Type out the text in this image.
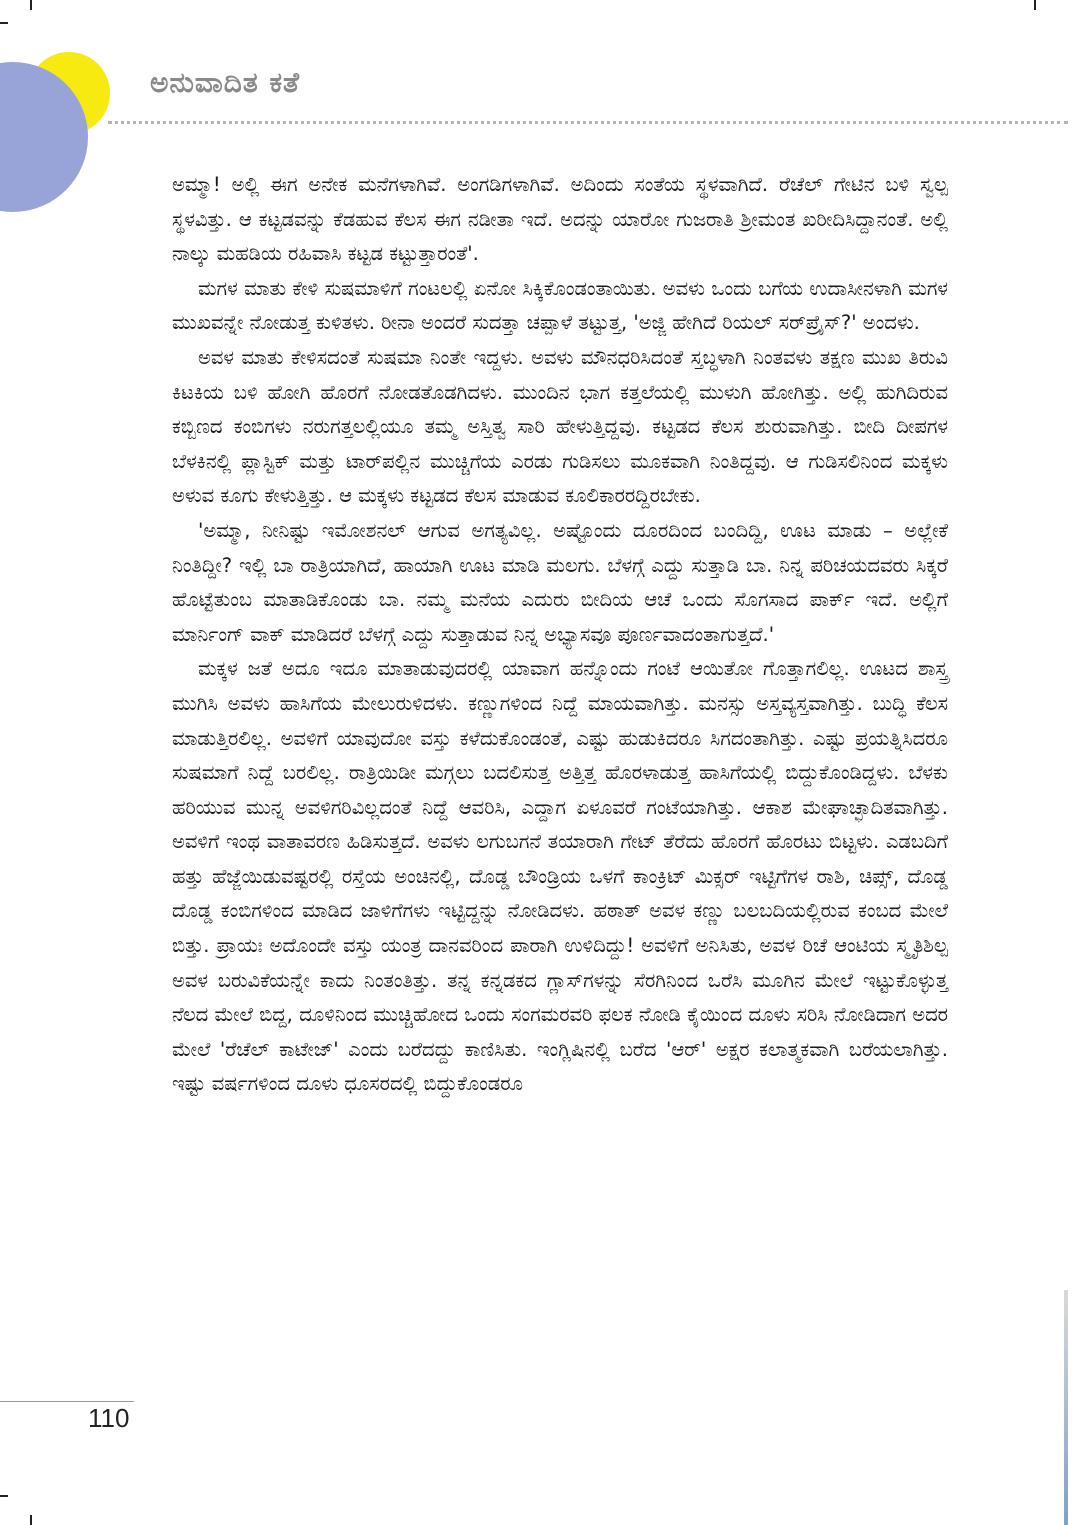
ಅನುವಾದಿತ ಕತೆ

ಅಮ್ಮಾ! ಅಲ್ಲಿ ಈಗ ಅನೇಕ ಮನೆಗಳಾಗಿವೆ. ಅಂಗಡಿಗಳಾಗಿವೆ. ಅದಿಂದು ಸಂತೆಯ ಸ್ಥಳವಾಗಿದೆ. ರೆಚೆಲ್ ಗೇಟಿನ ಬಳಿ ಸ್ವಲ್ಪ ಸ್ಥಳವಿತ್ತು. ಆ ಕಟ್ಟಡವನ್ನು ಕೆಡಹುವ ಕೆಲಸ ಈಗ ನಡೀತಾ ಇದೆ. ಅದನ್ನು ಯಾರೋ ಗುಜರಾತಿ ಶ್ರೀಮಂತ ಖರೀದಿಸಿದ್ದಾನಂತೆ. ಅಲ್ಲಿ ನಾಲ್ಕು ಮಹಡಿಯ ರಹಿವಾಸಿ ಕಟ್ಟಡ ಕಟ್ಟುತ್ತಾರಂತೆ'.

ಮಗಳ ಮಾತು ಕೇಳಿ ಸುಷಮಾಳಿಗೆ ಗಂಟಲಲ್ಲಿ ಏನೋ ಸಿಕ್ಕಿಕೊಂಡಂತಾಯಿತು. ಅವಳು ಒಂದು ಬಗೆಯ ಉದಾಸೀನಳಾಗಿ ಮಗಳ ಮುಖವನ್ನೇ ನೋಡುತ್ತ ಕುಳಿತಳು. ರೀನಾ ಅಂದರೆ ಸುದತ್ತಾ ಚಪ್ಪಾಳೆ ತಟ್ಟುತ್ತ, 'ಅಜ್ಜಿ ಹೇಗಿದೆ ರಿಯಲ್ ಸರ್‌ಪ್ರೈಸ್?' ಅಂದಳು.

ಅವಳ ಮಾತು ಕೇಳಿಸದಂತೆ ಸುಷಮಾ ನಿಂತೇ ಇದ್ದಳು. ಅವಳು ಮೌನಧರಿಸಿದಂತೆ ಸ್ತಬ್ಧಳಾಗಿ ನಿಂತವಳು ತಕ್ಷಣ ಮುಖ ತಿರುವಿ ಕಿಟಕಿಯ ಬಳಿ ಹೋಗಿ ಹೊರಗೆ ನೋಡತೊಡಗಿದಳು. ಮುಂದಿನ ಭಾಗ ಕತ್ತಲೆಯಲ್ಲಿ ಮುಳುಗಿ ಹೋಗಿತ್ತು. ಅಲ್ಲಿ ಹುಗಿದಿರುವ ಕಬ್ಬಿಣದ ಕಂಬಿಗಳು ನರುಗತ್ತಲಲ್ಲಿಯೂ ತಮ್ಮ ಅಸ್ತಿತ್ವ ಸಾರಿ ಹೇಳುತ್ತಿದ್ದವು. ಕಟ್ಟಡದ ಕೆಲಸ ಶುರುವಾಗಿತ್ತು. ಬೀದಿ ದೀಪಗಳ ಬೆಳಕಿನಲ್ಲಿ ಪ್ಲಾಸ್ಟಿಕ್ ಮತ್ತು ಟಾರ್‌ಪಲ್ಲಿನ ಮುಚ್ಚಿಗೆಯ ಎರಡು ಗುಡಿಸಲು ಮೂಕವಾಗಿ ನಿಂತಿದ್ದವು. ಆ ಗುಡಿಸಲಿನಿಂದ ಮಕ್ಕಳು ಅಳುವ ಕೂಗು ಕೇಳುತ್ತಿತ್ತು. ಆ ಮಕ್ಕಳು ಕಟ್ಟಡದ ಕೆಲಸ ಮಾಡುವ ಕೂಲಿಕಾರರದ್ದಿರಬೇಕು.

'ಅಮ್ಮಾ, ನೀನಿಷ್ಟು ಇಮೋಶನಲ್ ಆಗುವ ಅಗತ್ಯವಿಲ್ಲ. ಅಷ್ಟೊಂದು ದೂರದಿಂದ ಬಂದಿದ್ದಿ, ಊಟ ಮಾಡು – ಅಲ್ಲೇಕೆ ನಿಂತಿದ್ದೀ? ಇಲ್ಲಿ ಬಾ ರಾತ್ರಿಯಾಗಿದೆ, ಹಾಯಾಗಿ ಊಟ ಮಾಡಿ ಮಲಗು. ಬೆಳಗ್ಗೆ ಎದ್ದು ಸುತ್ತಾಡಿ ಬಾ. ನಿನ್ನ ಪರಿಚಯದವರು ಸಿಕ್ಕರೆ ಹೊಟ್ಟೆತುಂಬ ಮಾತಾಡಿಕೊಂಡು ಬಾ. ನಮ್ಮ ಮನೆಯ ಎದುರು ಬೀದಿಯ ಆಚೆ ಒಂದು ಸೊಗಸಾದ ಪಾರ್ಕ್ ಇದೆ. ಅಲ್ಲಿಗೆ ಮಾರ್ನಿಂಗ್ ವಾಕ್ ಮಾಡಿದರೆ ಬೆಳಗ್ಗೆ ಎದ್ದು ಸುತ್ತಾಡುವ ನಿನ್ನ ಅಭ್ಯಾಸವೂ ಪೂರ್ಣವಾದಂತಾಗುತ್ತದೆ.'

ಮಕ್ಕಳ ಜತೆ ಅದೂ ಇದೂ ಮಾತಾಡುವುದರಲ್ಲಿ ಯಾವಾಗ ಹನ್ನೊಂದು ಗಂಟೆ ಆಯಿತೋ ಗೊತ್ತಾಗಲಿಲ್ಲ. ಊಟದ ಶಾಸ್ತ್ರ ಮುಗಿಸಿ ಅವಳು ಹಾಸಿಗೆಯ ಮೇಲುರುಳಿದಳು. ಕಣ್ಣುಗಳಿಂದ ನಿದ್ದೆ ಮಾಯವಾಗಿತ್ತು. ಮನಸ್ಸು ಅಸ್ತವ್ಯಸ್ತವಾಗಿತ್ತು. ಬುದ್ಧಿ ಕೆಲಸ ಮಾಡುತ್ತಿರಲಿಲ್ಲ. ಅವಳಿಗೆ ಯಾವುದೋ ವಸ್ತು ಕಳೆದುಕೊಂಡಂತೆ, ಎಷ್ಟು ಹುಡುಕಿದರೂ ಸಿಗದಂತಾಗಿತ್ತು. ಎಷ್ಟು ಪ್ರಯತ್ನಿಸಿದರೂ ಸುಷಮಾಗೆ ನಿದ್ದೆ ಬರಲಿಲ್ಲ. ರಾತ್ರಿಯಿಡೀ ಮಗ್ಗಲು ಬದಲಿಸುತ್ತ ಅತ್ತಿತ್ತ ಹೊರಳಾಡುತ್ತ ಹಾಸಿಗೆಯಲ್ಲಿ ಬಿದ್ದುಕೊಂಡಿದ್ದಳು. ಬೆಳಕು ಹರಿಯುವ ಮುನ್ನ ಅವಳಿಗರಿವಿಲ್ಲದಂತೆ ನಿದ್ದೆ ಆವರಿಸಿ, ಎದ್ದಾಗ ಏಳೂವರೆ ಗಂಟೆಯಾಗಿತ್ತು. ಆಕಾಶ ಮೇಘಾಚ್ಛಾದಿತವಾಗಿತ್ತು. ಅವಳಿಗೆ ಇಂಥ ವಾತಾವರಣ ಹಿಡಿಸುತ್ತದೆ. ಅವಳು ಲಗುಬಗನೆ ತಯಾರಾಗಿ ಗೇಟ್ ತೆರೆದು ಹೊರಗೆ ಹೊರಟು ಬಿಟ್ಟಳು. ಎಡಬದಿಗೆ ಹತ್ತು ಹೆಜ್ಜೆಯಿಡುವಷ್ಟರಲ್ಲಿ ರಸ್ತೆಯ ಅಂಚಿನಲ್ಲಿ, ದೊಡ್ಡ ಬೌಂಡ್ರಿಯ ಒಳಗೆ ಕಾಂಕ್ರಿಟ್ ಮಿಕ್ಸರ್ ಇಟ್ಟಿಗೆಗಳ ರಾಶಿ, ಚಿಪ್ಸ್, ದೊಡ್ಡ ದೊಡ್ಡ ಕಂಬಿಗಳಿಂದ ಮಾಡಿದ ಜಾಳಿಗೆಗಳು ಇಟ್ಟಿದ್ದನ್ನು ನೋಡಿದಳು. ಹಠಾತ್ ಅವಳ ಕಣ್ಣು ಬಲಬದಿಯಲ್ಲಿರುವ ಕಂಬದ ಮೇಲೆ ಬಿತ್ತು. ಪ್ರಾಯಃ ಅದೊಂದೇ ವಸ್ತು ಯಂತ್ರ ದಾನವರಿಂದ ಪಾರಾಗಿ ಉಳಿದಿದ್ದು! ಅವಳಿಗೆ ಅನಿಸಿತು, ಅವಳ ರಿಚೆ ಆಂಟಿಯ ಸ್ಮೃತಿಶಿಲ್ಪ ಅವಳ ಬರುವಿಕೆಯನ್ನೇ ಕಾದು ನಿಂತಂತಿತ್ತು. ತನ್ನ ಕನ್ನಡಕದ ಗ್ಲಾಸ್‌ಗಳನ್ನು ಸೆರಗಿನಿಂದ ಒರೆಸಿ ಮೂಗಿನ ಮೇಲೆ ಇಟ್ಟುಕೊಳ್ಳುತ್ತ ನೆಲದ ಮೇಲೆ ಬಿದ್ದ, ದೂಳಿನಿಂದ ಮುಚ್ಚಿಹೋದ ಒಂದು ಸಂಗಮರವರಿ ಫಲಕ ನೋಡಿ ಕೈಯಿಂದ ದೂಳು ಸರಿಸಿ ನೋಡಿದಾಗ ಅದರ ಮೇಲೆ 'ರೆಚೆಲ್ ಕಾಟೇಜ್' ಎಂದು ಬರೆದದ್ದು ಕಾಣಿಸಿತು. ಇಂಗ್ಲಿಷಿನಲ್ಲಿ ಬರೆದ 'ಆರ್' ಅಕ್ಷರ ಕಲಾತ್ಮಕವಾಗಿ ಬರೆಯಲಾಗಿತ್ತು. ಇಷ್ಟು ವರ್ಷಗಳಿಂದ ದೂಳು ಧೂಸರದಲ್ಲಿ ಬಿದ್ದುಕೊಂಡರೂ

110
